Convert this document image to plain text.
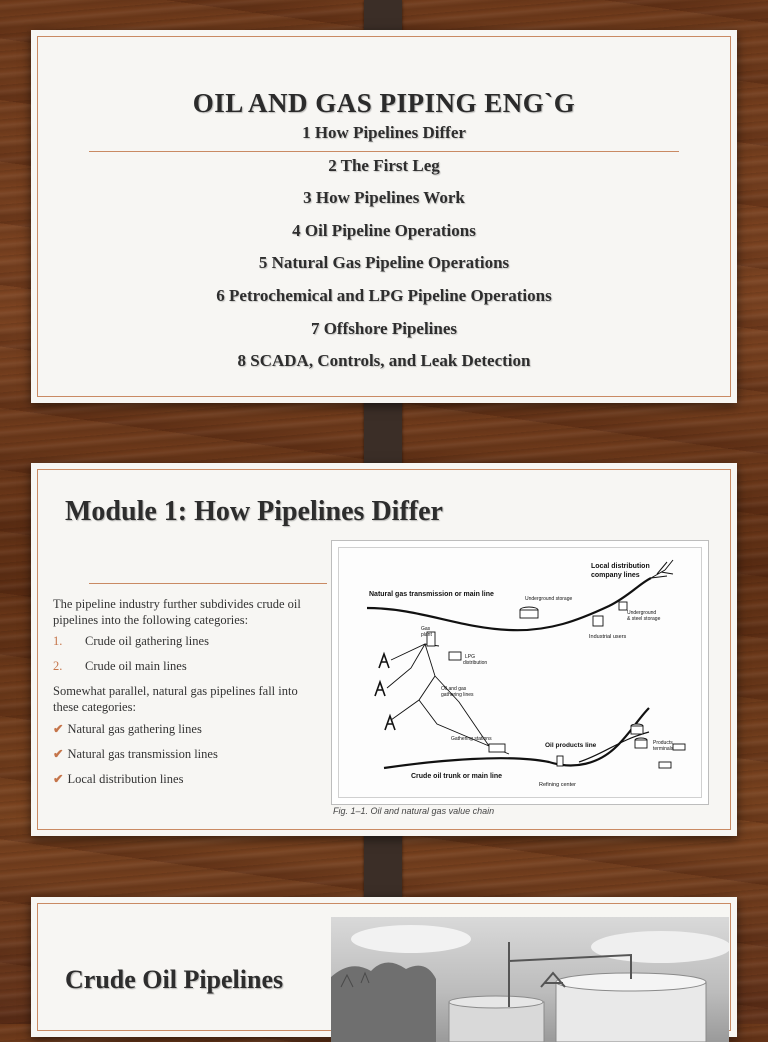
OIL AND GAS PIPING ENG`G
1 How Pipelines Differ
2 The First Leg
3 How Pipelines Work
4 Oil Pipeline Operations
5 Natural Gas Pipeline Operations
6 Petrochemical and LPG Pipeline Operations
7 Offshore Pipelines
8 SCADA, Controls, and Leak Detection
Module 1: How Pipelines Differ

The pipeline industry further subdivides crude oil pipelines into the following categories:

1. Crude oil gathering lines
2. Crude oil main lines

Somewhat parallel, natural gas pipelines fall into these categories:

✔ Natural gas gathering lines
✔ Natural gas transmission lines
✔ Local distribution lines
Local distribution
company lines
Natural gas transmission or main line
Underground storage
Underground
& steel storage
Gas
plant
LPG
distribution
Industrial users
Oil and gas
gathering lines
Gathering stations
Oil products line	Products
terminals
Crude oil trunk or main line
Refining center
Fig. 1–1. Oil and natural gas value chain
Crude Oil Pipelines
